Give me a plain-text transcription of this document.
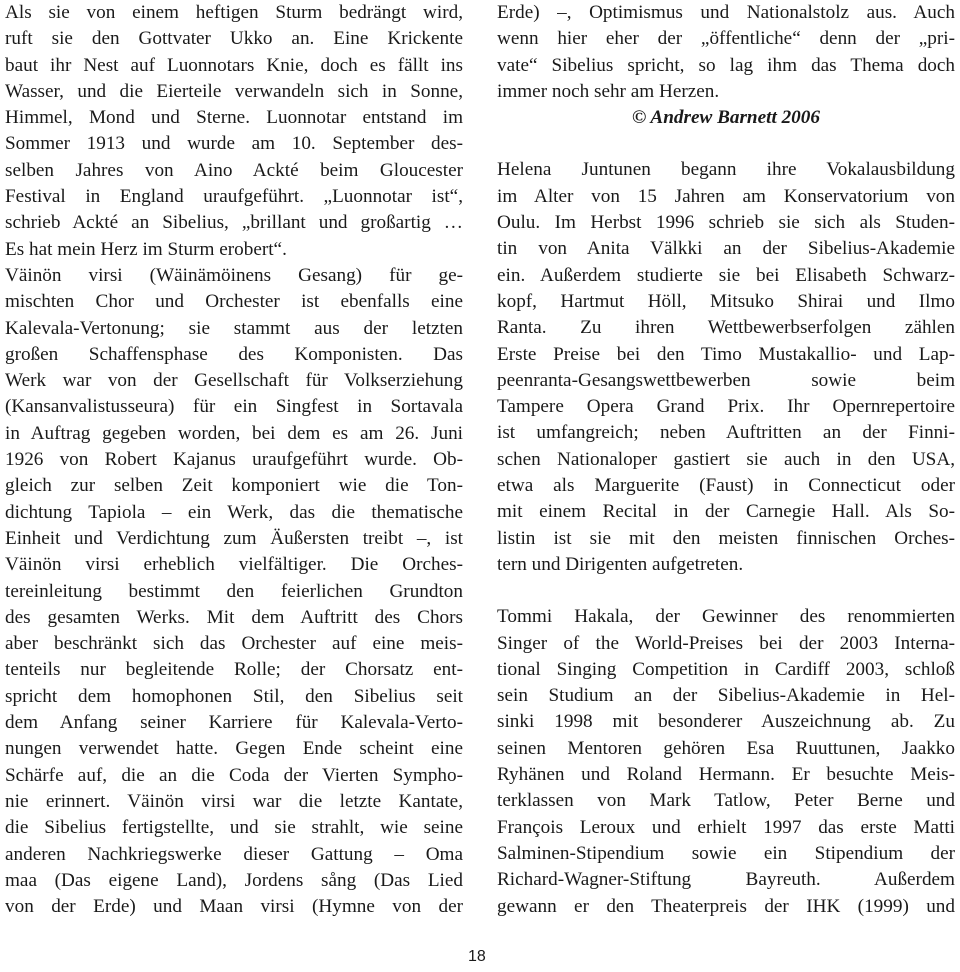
Als sie von einem heftigen Sturm bedrängt wird,
ruft sie den Gottvater Ukko an. Eine Krickente
baut ihr Nest auf Luonnotars Knie, doch es fällt ins
Wasser, und die Eierteile verwandeln sich in Sonne,
Himmel, Mond und Sterne. Luonnotar entstand im
Sommer 1913 und wurde am 10. September des-
selben Jahres von Aino Ackté beim Gloucester
Festival in England uraufgeführt. „Luonnotar ist“,
schrieb Ackté an Sibelius, „brillant und großartig …
Es hat mein Herz im Sturm erobert“.

Väinön virsi (Wäinämöinens Gesang) für ge-
mischten Chor und Orchester ist ebenfalls eine
Kalevala-Vertonung; sie stammt aus der letzten
großen Schaffensphase des Komponisten. Das
Werk war von der Gesellschaft für Volkserziehung
(Kansanvalistusseura) für ein Singfest in Sortavala
in Auftrag gegeben worden, bei dem es am 26. Juni
1926 von Robert Kajanus uraufgeführt wurde. Ob-
gleich zur selben Zeit komponiert wie die Ton-
dichtung Tapiola – ein Werk, das die thematische
Einheit und Verdichtung zum Äußersten treibt –, ist
Väinön virsi erheblich vielfältiger. Die Orches-
tereinleitung bestimmt den feierlichen Grundton
des gesamten Werks. Mit dem Auftritt des Chors
aber beschränkt sich das Orchester auf eine meis-
tenteils nur begleitende Rolle; der Chorsatz ent-
spricht dem homophonen Stil, den Sibelius seit
dem Anfang seiner Karriere für Kalevala-Verto-
nungen verwendet hatte. Gegen Ende scheint eine
Schärfe auf, die an die Coda der Vierten Sympho-
nie erinnert. Väinön virsi war die letzte Kantate,
die Sibelius fertigstellte, und sie strahlt, wie seine
anderen Nachkriegswerke dieser Gattung – Oma
maa (Das eigene Land), Jordens sång (Das Lied
von der Erde) und Maan virsi (Hymne von der

Erde) –, Optimismus und Nationalstolz aus. Auch
wenn hier eher der „öffentliche“ denn der „pri-
vate“ Sibelius spricht, so lag ihm das Thema doch
immer noch sehr am Herzen.

© Andrew Barnett 2006

Helena Juntunen begann ihre Vokalausbildung
im Alter von 15 Jahren am Konservatorium von
Oulu. Im Herbst 1996 schrieb sie sich als Studen-
tin von Anita Välkki an der Sibelius-Akademie
ein. Außerdem studierte sie bei Elisabeth Schwarz-
kopf, Hartmut Höll, Mitsuko Shirai und Ilmo
Ranta. Zu ihren Wettbewerbserfolgen zählen
Erste Preise bei den Timo Mustakallio- und Lap-
peenranta-Gesangswettbewerben sowie beim
Tampere Opera Grand Prix. Ihr Opernrepertoire
ist umfangreich; neben Auftritten an der Finni-
schen Nationaloper gastiert sie auch in den USA,
etwa als Marguerite (Faust) in Connecticut oder
mit einem Recital in der Carnegie Hall. Als So-
listin ist sie mit den meisten finnischen Orches-
tern und Dirigenten aufgetreten.

Tommi Hakala, der Gewinner des renommierten
Singer of the World-Preises bei der 2003 Interna-
tional Singing Competition in Cardiff 2003, schloß
sein Studium an der Sibelius-Akademie in Hel-
sinki 1998 mit besonderer Auszeichnung ab. Zu
seinen Mentoren gehören Esa Ruuttunen, Jaakko
Ryhänen und Roland Hermann. Er besuchte Meis-
terklassen von Mark Tatlow, Peter Berne und
François Leroux und erhielt 1997 das erste Matti
Salminen-Stipendium sowie ein Stipendium der
Richard-Wagner-Stiftung Bayreuth. Außerdem
gewann er den Theaterpreis der IHK (1999) und

18
